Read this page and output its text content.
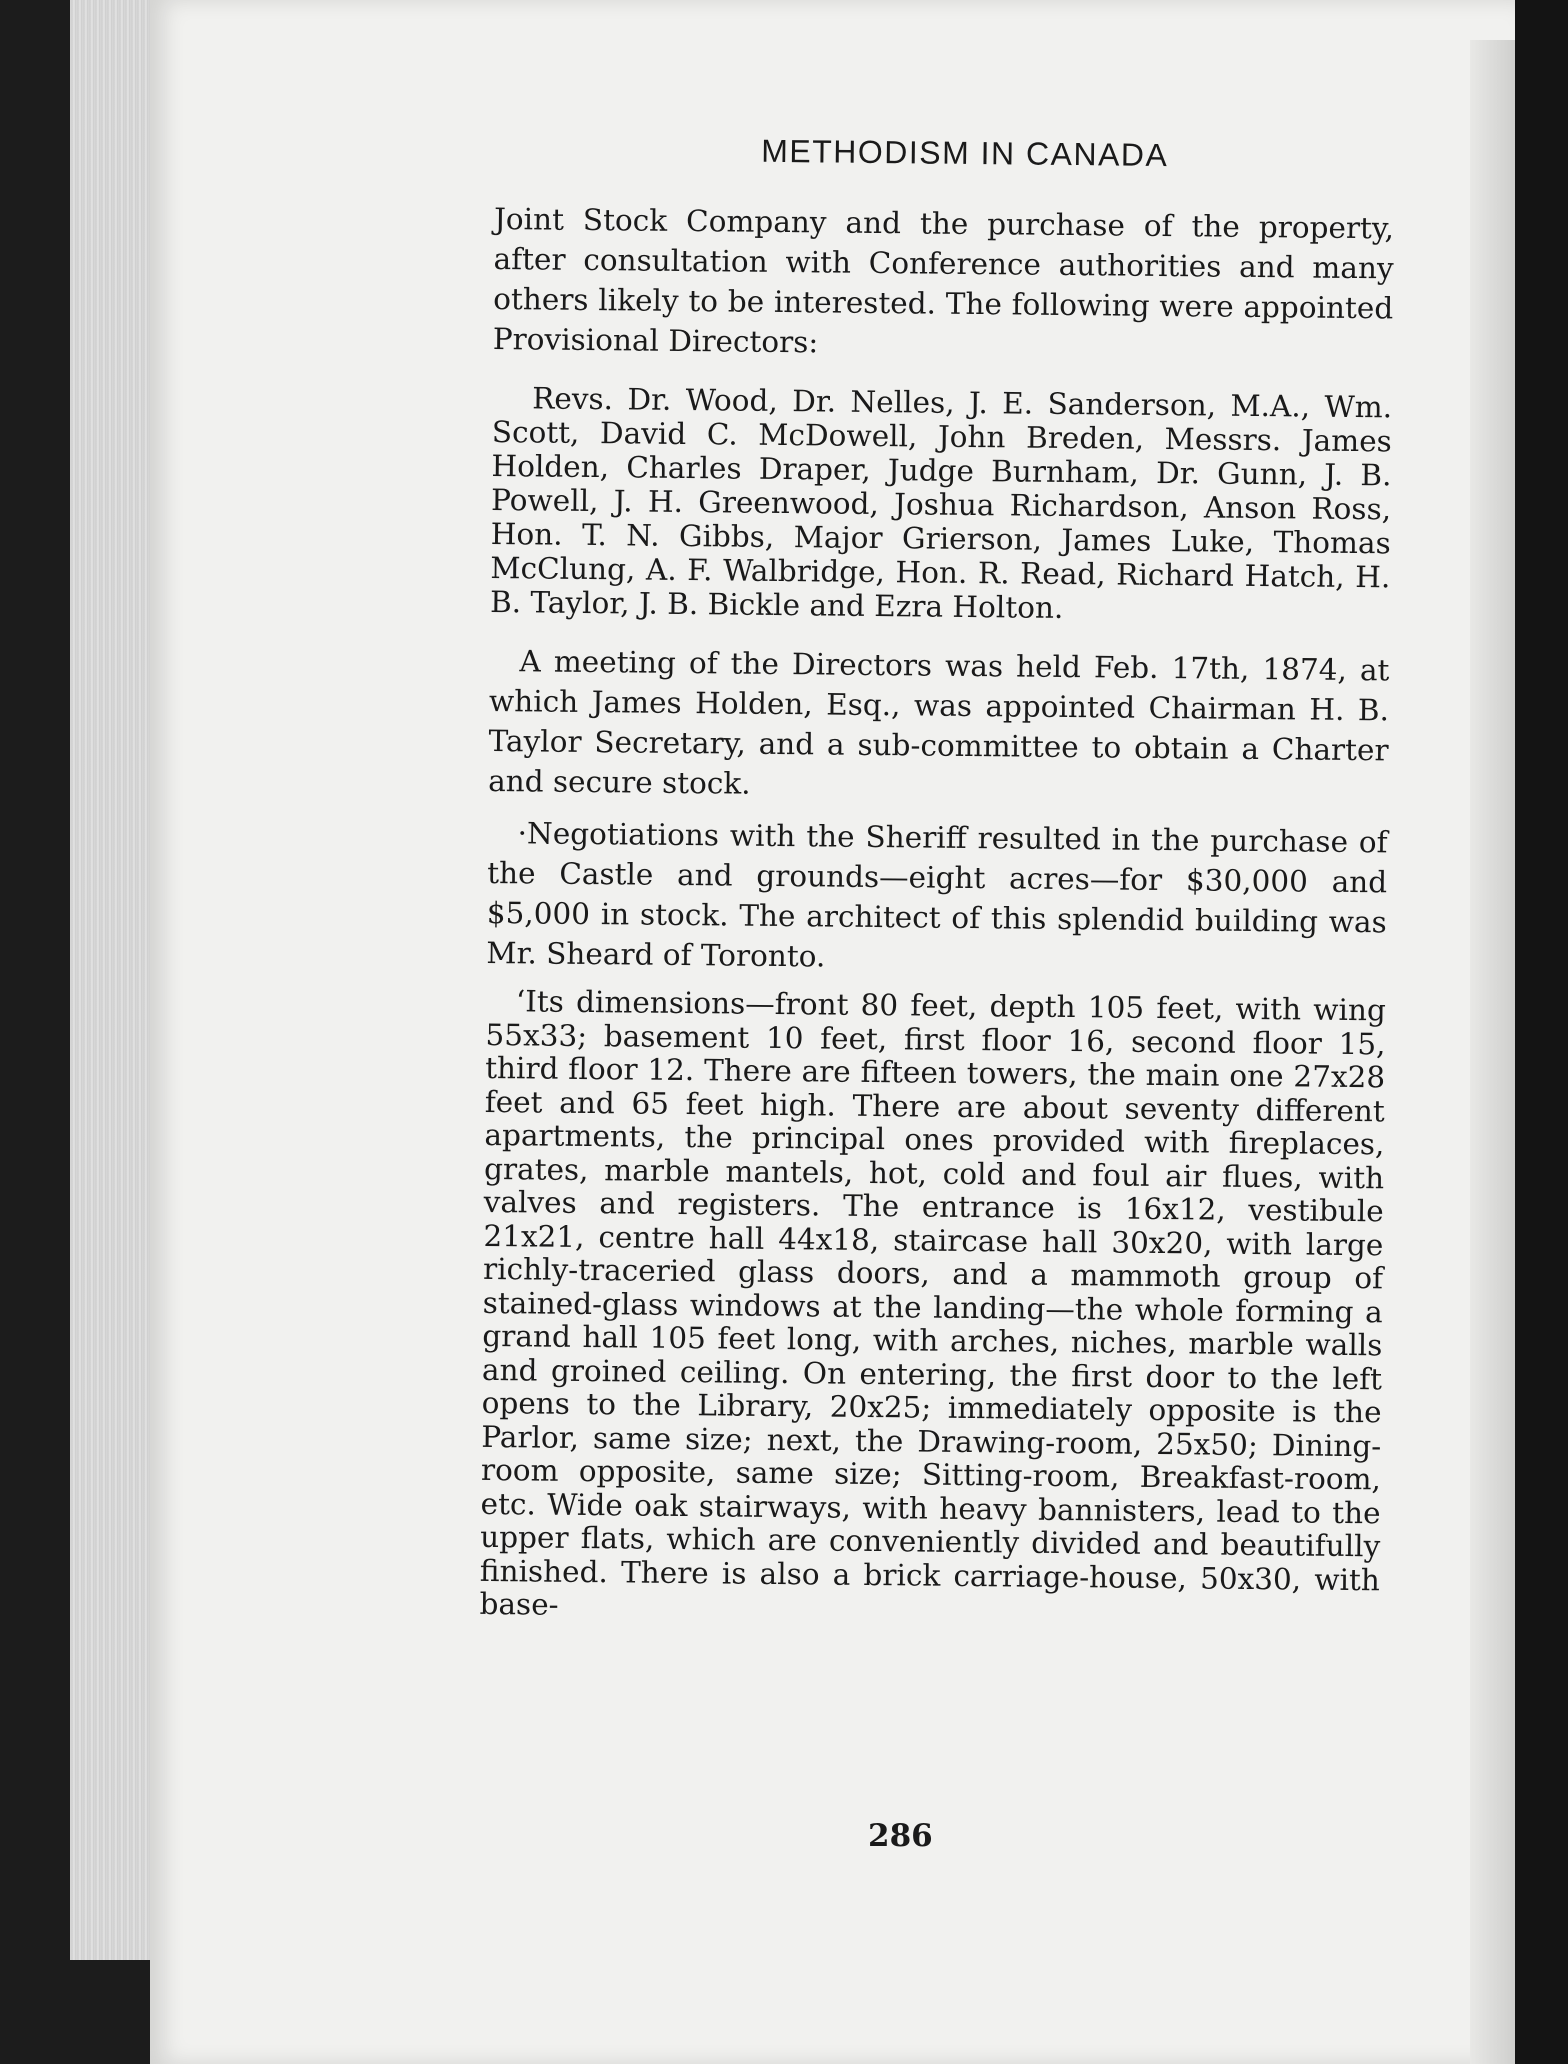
METHODISM IN CANADA

Joint Stock Company and the purchase of the property, after consultation with Conference authorities and many others likely to be interested. The following were appointed Provisional Directors:

Revs. Dr. Wood, Dr. Nelles, J. E. Sanderson, M.A., Wm. Scott, David C. McDowell, John Breden, Messrs. James Holden, Charles Draper, Judge Burnham, Dr. Gunn, J. B. Powell, J. H. Greenwood, Joshua Richardson, Anson Ross, Hon. T. N. Gibbs, Major Grierson, James Luke, Thomas McClung, A. F. Walbridge, Hon. R. Read, Richard Hatch, H. B. Taylor, J. B. Bickle and Ezra Holton.

A meeting of the Directors was held Feb. 17th, 1874, at which James Holden, Esq., was appointed Chairman H. B. Taylor Secretary, and a sub-committee to obtain a Charter and secure stock.

·Negotiations with the Sheriff resulted in the purchase of the Castle and grounds—eight acres—for $30,000 and $5,000 in stock. The architect of this splendid building was Mr. Sheard of Toronto.

‘Its dimensions—front 80 feet, depth 105 feet, with wing 55x33; basement 10 feet, first floor 16, second floor 15, third floor 12. There are fifteen towers, the main one 27x28 feet and 65 feet high. There are about seventy different apartments, the principal ones provided with fireplaces, grates, marble mantels, hot, cold and foul air flues, with valves and registers. The entrance is 16x12, vestibule 21x21, centre hall 44x18, staircase hall 30x20, with large richly-traceried glass doors, and a mammoth group of stained-glass windows at the landing—the whole forming a grand hall 105 feet long, with arches, niches, marble walls and groined ceiling. On entering, the first door to the left opens to the Library, 20x25; immediately opposite is the Parlor, same size; next, the Drawing-room, 25x50; Dining-room opposite, same size; Sitting-room, Breakfast-room, etc. Wide oak stairways, with heavy bannisters, lead to the upper flats, which are conveniently divided and beautifully finished. There is also a brick carriage-house, 50x30, with base-

286
